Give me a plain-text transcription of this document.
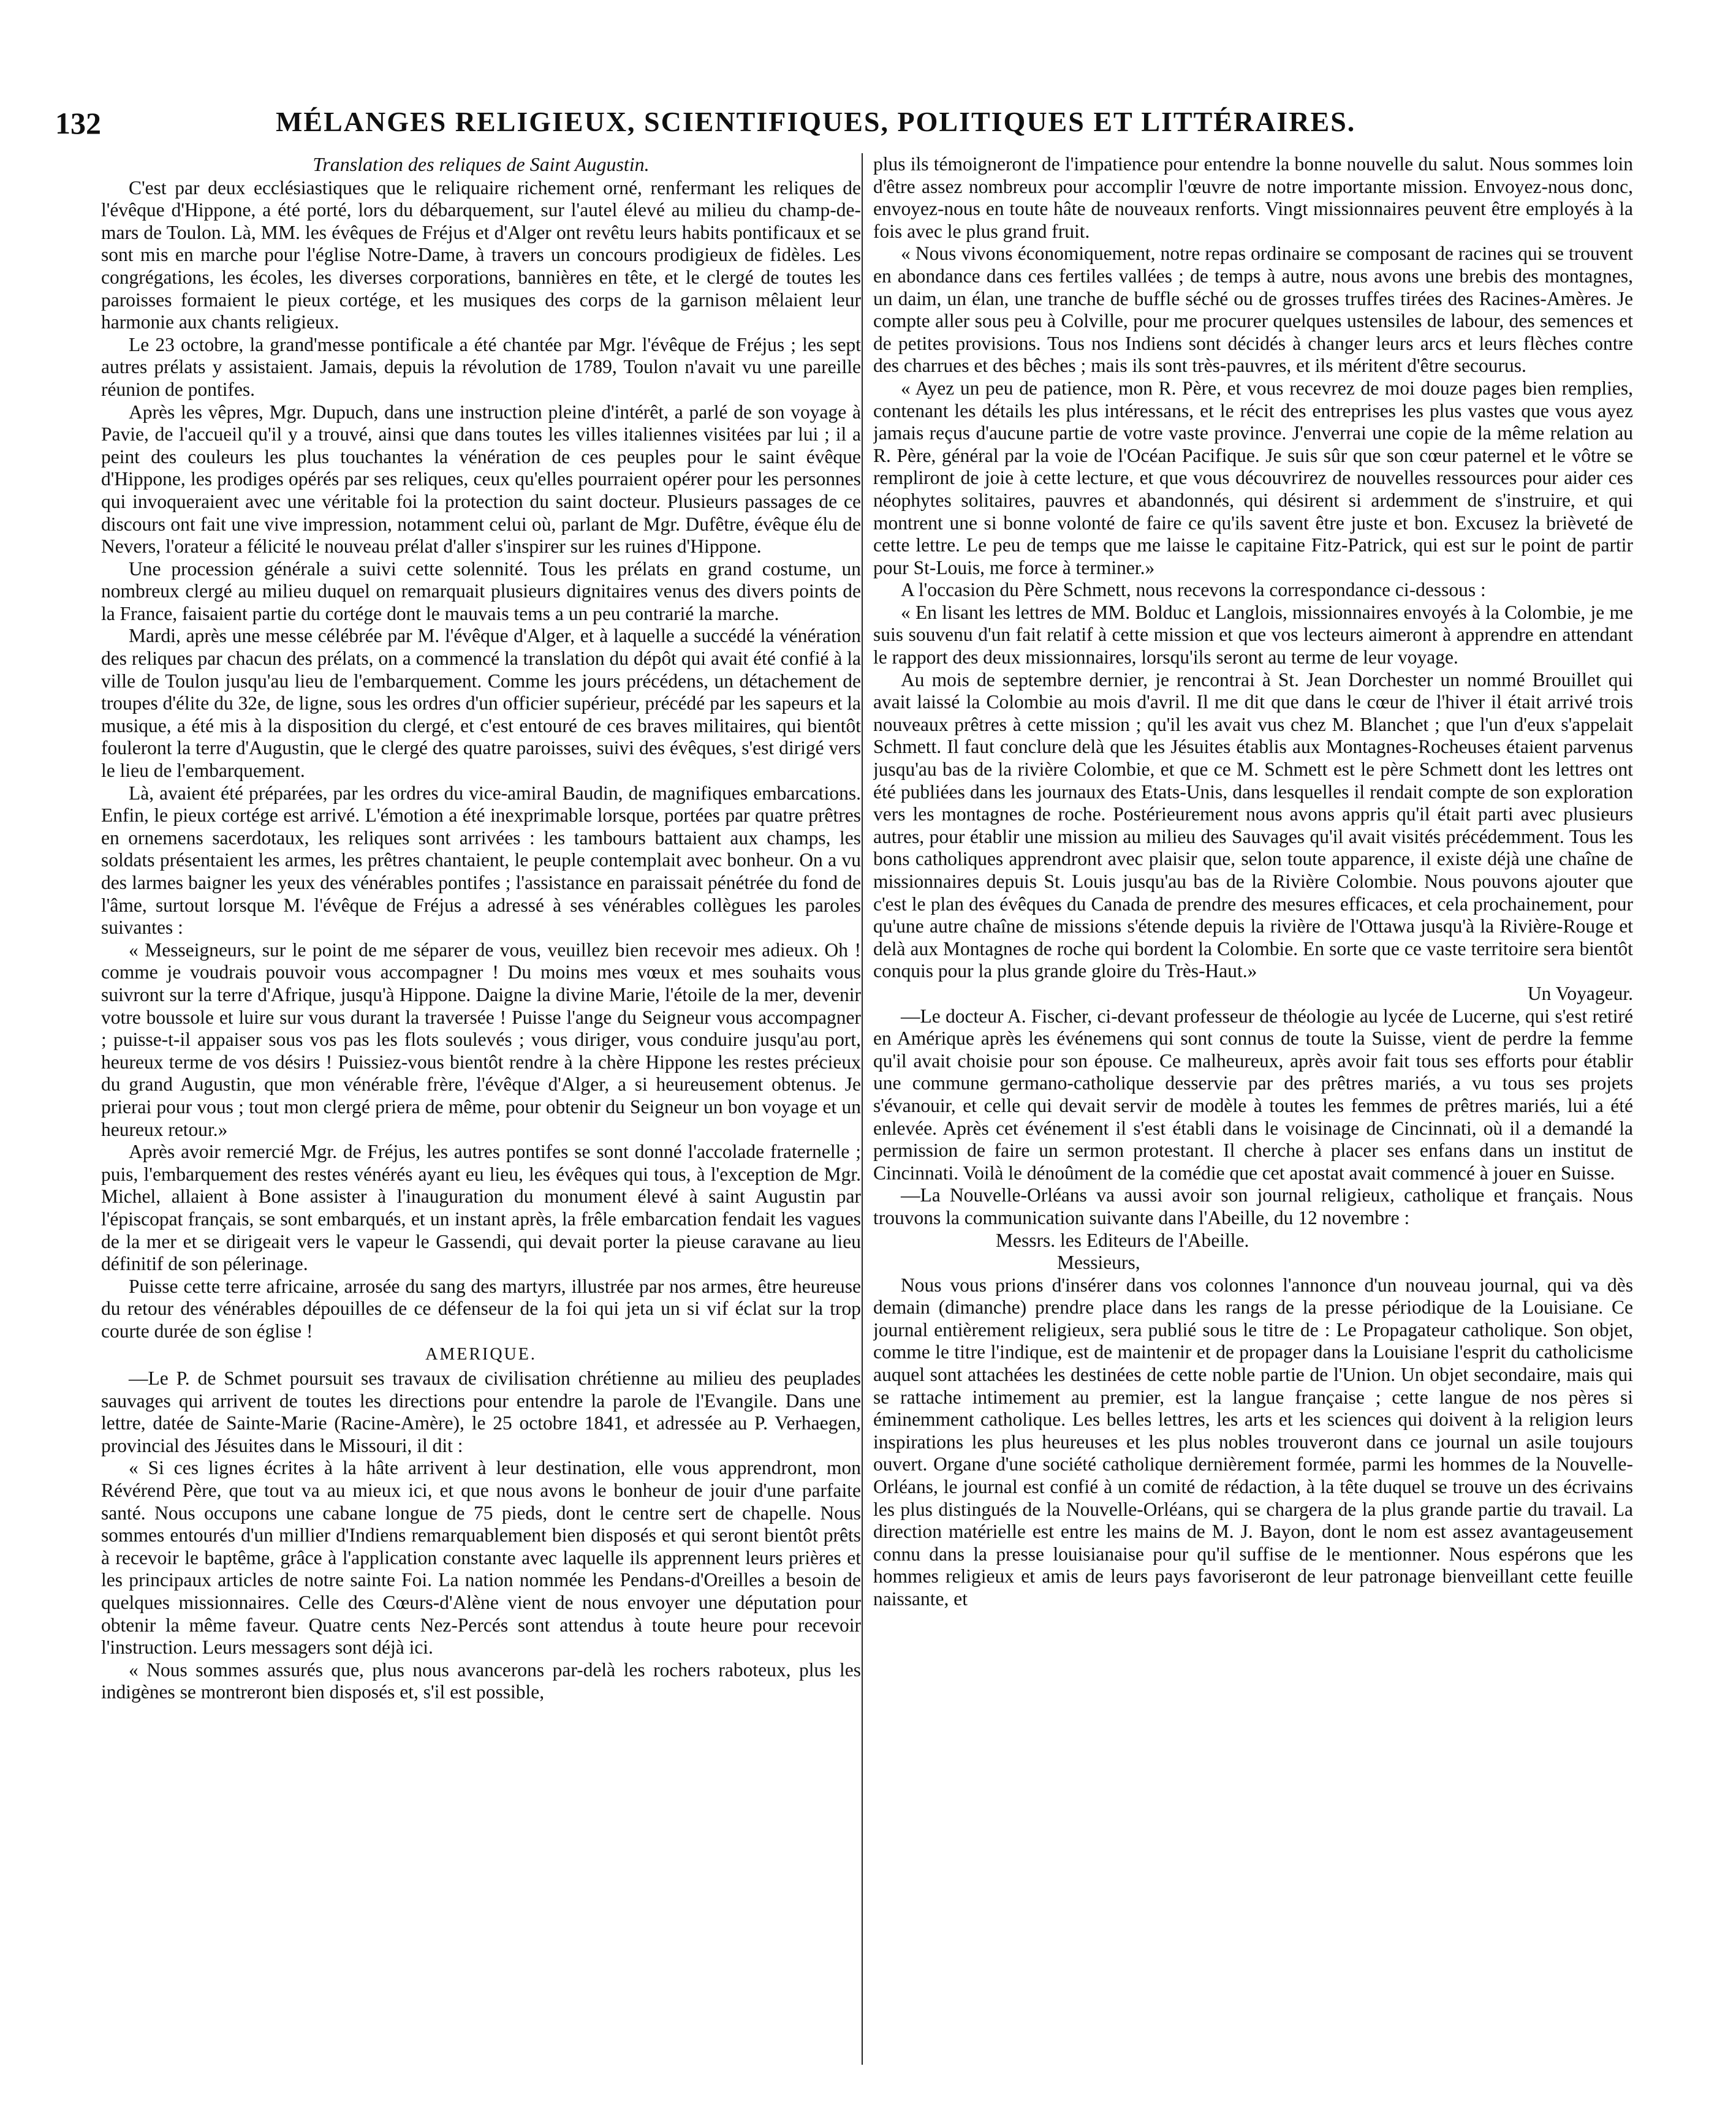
132	MÉLANGES RELIGIEUX, SCIENTIFIQUES, POLITIQUES ET LITTÉRAIRES.
Translation des reliques de Saint Augustin.

C'est par deux ecclésiastiques que le reliquaire richement orné, renfermant les reliques de l'évêque d'Hippone, a été porté, lors du débarquement, sur l'autel élevé au milieu du champ-de-mars de Toulon. Là, MM. les évêques de Fréjus et d'Alger ont revêtu leurs habits pontificaux et se sont mis en marche pour l'église Notre-Dame, à travers un concours prodigieux de fidèles. Les congrégations, les écoles, les diverses corporations, bannières en tête, et le clergé de toutes les paroisses formaient le pieux cortége, et les musiques des corps de la garnison mêlaient leur harmonie aux chants religieux.

Le 23 octobre, la grand'messe pontificale a été chantée par Mgr. l'évêque de Fréjus ; les sept autres prélats y assistaient. Jamais, depuis la révolution de 1789, Toulon n'avait vu une pareille réunion de pontifes.

Après les vêpres, Mgr. Dupuch, dans une instruction pleine d'intérêt, a parlé de son voyage à Pavie, de l'accueil qu'il y a trouvé, ainsi que dans toutes les villes italiennes visitées par lui ; il a peint des couleurs les plus touchantes la vénération de ces peuples pour le saint évêque d'Hippone, les prodiges opérés par ses reliques, ceux qu'elles pourraient opérer pour les personnes qui invoqueraient avec une véritable foi la protection du saint docteur. Plusieurs passages de ce discours ont fait une vive impression, notamment celui où, parlant de Mgr. Dufêtre, évêque élu de Nevers, l'orateur a félicité le nouveau prélat d'aller s'inspirer sur les ruines d'Hippone.

Une procession générale a suivi cette solennité. Tous les prélats en grand costume, un nombreux clergé au milieu duquel on remarquait plusieurs dignitaires venus des divers points de la France, faisaient partie du cortége dont le mauvais tems a un peu contrarié la marche.

Mardi, après une messe célébrée par M. l'évêque d'Alger, et à laquelle a succédé la vénération des reliques par chacun des prélats, on a commencé la translation du dépôt qui avait été confié à la ville de Toulon jusqu'au lieu de l'embarquement. Comme les jours précédens, un détachement de troupes d'élite du 32e, de ligne, sous les ordres d'un officier supérieur, précédé par les sapeurs et la musique, a été mis à la disposition du clergé, et c'est entouré de ces braves militaires, qui bientôt fouleront la terre d'Augustin, que le clergé des quatre paroisses, suivi des évêques, s'est dirigé vers le lieu de l'embarquement.

Là, avaient été préparées, par les ordres du vice-amiral Baudin, de magnifiques embarcations. Enfin, le pieux cortége est arrivé. L'émotion a été inexprimable lorsque, portées par quatre prêtres en ornemens sacerdotaux, les reliques sont arrivées : les tambours battaient aux champs, les soldats présentaient les armes, les prêtres chantaient, le peuple contemplait avec bonheur. On a vu des larmes baigner les yeux des vénérables pontifes ; l'assistance en paraissait pénétrée du fond de l'âme, surtout lorsque M. l'évêque de Fréjus a adressé à ses vénérables collègues les paroles suivantes :

« Messeigneurs, sur le point de me séparer de vous, veuillez bien recevoir mes adieux. Oh ! comme je voudrais pouvoir vous accompagner ! Du moins mes vœux et mes souhaits vous suivront sur la terre d'Afrique, jusqu'à Hippone. Daigne la divine Marie, l'étoile de la mer, devenir votre boussole et luire sur vous durant la traversée ! Puisse l'ange du Seigneur vous accompagner ; puisse-t-il appaiser sous vos pas les flots soulevés ; vous diriger, vous conduire jusqu'au port, heureux terme de vos désirs ! Puissiez-vous bientôt rendre à la chère Hippone les restes précieux du grand Augustin, que mon vénérable frère, l'évêque d'Alger, a si heureusement obtenus. Je prierai pour vous ; tout mon clergé priera de même, pour obtenir du Seigneur un bon voyage et un heureux retour.»

Après avoir remercié Mgr. de Fréjus, les autres pontifes se sont donné l'accolade fraternelle ; puis, l'embarquement des restes vénérés ayant eu lieu, les évêques qui tous, à l'exception de Mgr. Michel, allaient à Bone assister à l'inauguration du monument élevé à saint Augustin par l'épiscopat français, se sont embarqués, et un instant après, la frêle embarcation fendait les vagues de la mer et se dirigeait vers le vapeur le Gassendi, qui devait porter la pieuse caravane au lieu définitif de son pélerinage.

Puisse cette terre africaine, arrosée du sang des martyrs, illustrée par nos armes, être heureuse du retour des vénérables dépouilles de ce défenseur de la foi qui jeta un si vif éclat sur la trop courte durée de son église !

AMERIQUE.

—Le P. de Schmet poursuit ses travaux de civilisation chrétienne au milieu des peuplades sauvages qui arrivent de toutes les directions pour entendre la parole de l'Evangile. Dans une lettre, datée de Sainte-Marie (Racine-Amère), le 25 octobre 1841, et adressée au P. Verhaegen, provincial des Jésuites dans le Missouri, il dit :

« Si ces lignes écrites à la hâte arrivent à leur destination, elle vous apprendront, mon Révérend Père, que tout va au mieux ici, et que nous avons le bonheur de jouir d'une parfaite santé. Nous occupons une cabane longue de 75 pieds, dont le centre sert de chapelle. Nous sommes entourés d'un millier d'Indiens remarquablement bien disposés et qui seront bientôt prêts à recevoir le baptême, grâce à l'application constante avec laquelle ils apprennent leurs prières et les principaux articles de notre sainte Foi. La nation nommée les Pendans-d'Oreilles a besoin de quelques missionnaires. Celle des Cœurs-d'Alène vient de nous envoyer une députation pour obtenir la même faveur. Quatre cents Nez-Percés sont attendus à toute heure pour recevoir l'instruction. Leurs messagers sont déjà ici.

« Nous sommes assurés que, plus nous avancerons par-delà les rochers raboteux, plus les indigènes se montreront bien disposés et, s'il est possible,

plus ils témoigneront de l'impatience pour entendre la bonne nouvelle du salut. Nous sommes loin d'être assez nombreux pour accomplir l'œuvre de notre importante mission. Envoyez-nous donc, envoyez-nous en toute hâte de nouveaux renforts. Vingt missionnaires peuvent être employés à la fois avec le plus grand fruit.

« Nous vivons économiquement, notre repas ordinaire se composant de racines qui se trouvent en abondance dans ces fertiles vallées ; de temps à autre, nous avons une brebis des montagnes, un daim, un élan, une tranche de buffle séché ou de grosses truffes tirées des Racines-Amères. Je compte aller sous peu à Colville, pour me procurer quelques ustensiles de labour, des semences et de petites provisions. Tous nos Indiens sont décidés à changer leurs arcs et leurs flèches contre des charrues et des bêches ; mais ils sont très-pauvres, et ils méritent d'être secourus.

« Ayez un peu de patience, mon R. Père, et vous recevrez de moi douze pages bien remplies, contenant les détails les plus intéressans, et le récit des entreprises les plus vastes que vous ayez jamais reçus d'aucune partie de votre vaste province. J'enverrai une copie de la même relation au R. Père, général par la voie de l'Océan Pacifique. Je suis sûr que son cœur paternel et le vôtre se rempliront de joie à cette lecture, et que vous découvrirez de nouvelles ressources pour aider ces néophytes solitaires, pauvres et abandonnés, qui désirent si ardemment de s'instruire, et qui montrent une si bonne volonté de faire ce qu'ils savent être juste et bon. Excusez la brièveté de cette lettre. Le peu de temps que me laisse le capitaine Fitz-Patrick, qui est sur le point de partir pour St-Louis, me force à terminer.»

A l'occasion du Père Schmett, nous recevons la correspondance ci-dessous :

« En lisant les lettres de MM. Bolduc et Langlois, missionnaires envoyés à la Colombie, je me suis souvenu d'un fait relatif à cette mission et que vos lecteurs aimeront à apprendre en attendant le rapport des deux missionnaires, lorsqu'ils seront au terme de leur voyage.

Au mois de septembre dernier, je rencontrai à St. Jean Dorchester un nommé Brouillet qui avait laissé la Colombie au mois d'avril. Il me dit que dans le cœur de l'hiver il était arrivé trois nouveaux prêtres à cette mission ; qu'il les avait vus chez M. Blanchet ; que l'un d'eux s'appelait Schmett. Il faut conclure delà que les Jésuites établis aux Montagnes-Rocheuses étaient parvenus jusqu'au bas de la rivière Colombie, et que ce M. Schmett est le père Schmett dont les lettres ont été publiées dans les journaux des Etats-Unis, dans lesquelles il rendait compte de son exploration vers les montagnes de roche. Postérieurement nous avons appris qu'il était parti avec plusieurs autres, pour établir une mission au milieu des Sauvages qu'il avait visités précédemment. Tous les bons catholiques apprendront avec plaisir que, selon toute apparence, il existe déjà une chaîne de missionnaires depuis St. Louis jusqu'au bas de la Rivière Colombie. Nous pouvons ajouter que c'est le plan des évêques du Canada de prendre des mesures efficaces, et cela prochainement, pour qu'une autre chaîne de missions s'étende depuis la rivière de l'Ottawa jusqu'à la Rivière-Rouge et delà aux Montagnes de roche qui bordent la Colombie. En sorte que ce vaste territoire sera bientôt conquis pour la plus grande gloire du Très-Haut.»

Un Voyageur.

—Le docteur A. Fischer, ci-devant professeur de théologie au lycée de Lucerne, qui s'est retiré en Amérique après les événemens qui sont connus de toute la Suisse, vient de perdre la femme qu'il avait choisie pour son épouse. Ce malheureux, après avoir fait tous ses efforts pour établir une commune germano-catholique desservie par des prêtres mariés, a vu tous ses projets s'évanouir, et celle qui devait servir de modèle à toutes les femmes de prêtres mariés, lui a été enlevée. Après cet événement il s'est établi dans le voisinage de Cincinnati, où il a demandé la permission de faire un sermon protestant. Il cherche à placer ses enfans dans un institut de Cincinnati. Voilà le dénoûment de la comédie que cet apostat avait commencé à jouer en Suisse.

—La Nouvelle-Orléans va aussi avoir son journal religieux, catholique et français. Nous trouvons la communication suivante dans l'Abeille, du 12 novembre :

Messrs. les Editeurs de l'Abeille.

Messieurs,

Nous vous prions d'insérer dans vos colonnes l'annonce d'un nouveau journal, qui va dès demain (dimanche) prendre place dans les rangs de la presse périodique de la Louisiane. Ce journal entièrement religieux, sera publié sous le titre de : Le Propagateur catholique. Son objet, comme le titre l'indique, est de maintenir et de propager dans la Louisiane l'esprit du catholicisme auquel sont attachées les destinées de cette noble partie de l'Union. Un objet secondaire, mais qui se rattache intimement au premier, est la langue française ; cette langue de nos pères si éminemment catholique. Les belles lettres, les arts et les sciences qui doivent à la religion leurs inspirations les plus heureuses et les plus nobles trouveront dans ce journal un asile toujours ouvert. Organe d'une société catholique dernièrement formée, parmi les hommes de la Nouvelle-Orléans, le journal est confié à un comité de rédaction, à la tête duquel se trouve un des écrivains les plus distingués de la Nouvelle-Orléans, qui se chargera de la plus grande partie du travail. La direction matérielle est entre les mains de M. J. Bayon, dont le nom est assez avantageusement connu dans la presse louisianaise pour qu'il suffise de le mentionner. Nous espérons que les hommes religieux et amis de leurs pays favoriseront de leur patronage bienveillant cette feuille naissante, et
